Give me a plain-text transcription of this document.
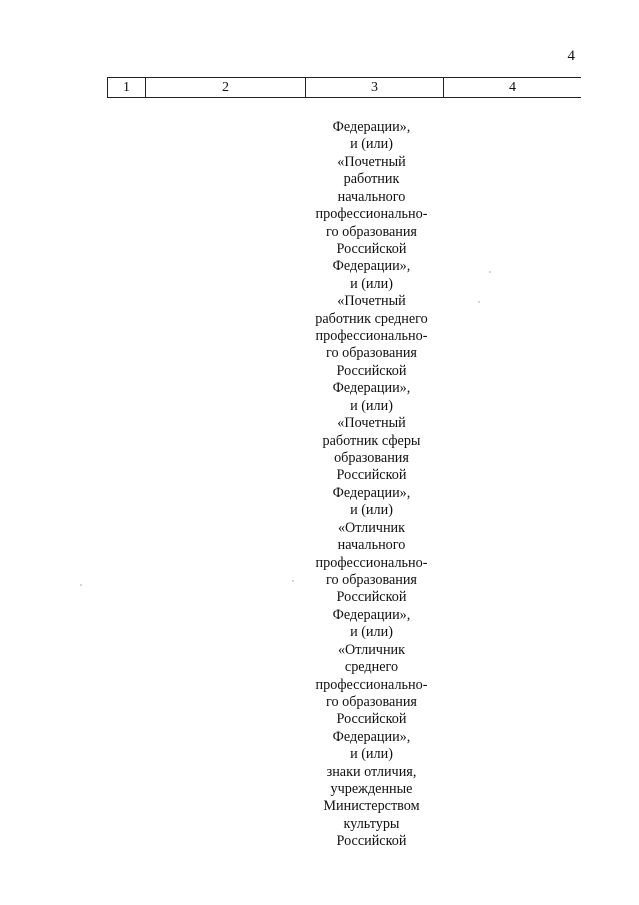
4
1	2	3	4
Федерации»,
и (или)
«Почетный
работник
начального
профессионально-
го образования
Российской
Федерации»,
и (или)
«Почетный
работник среднего
профессионально-
го образования
Российской
Федерации»,
и (или)
«Почетный
работник сферы
образования
Российской
Федерации»,
и (или)
«Отличник
начального
профессионально-
го образования
Российской
Федерации»,
и (или)
«Отличник
среднего
профессионально-
го образования
Российской
Федерации»,
и (или)
знаки отличия,
учрежденные
Министерством
культуры
Российской
